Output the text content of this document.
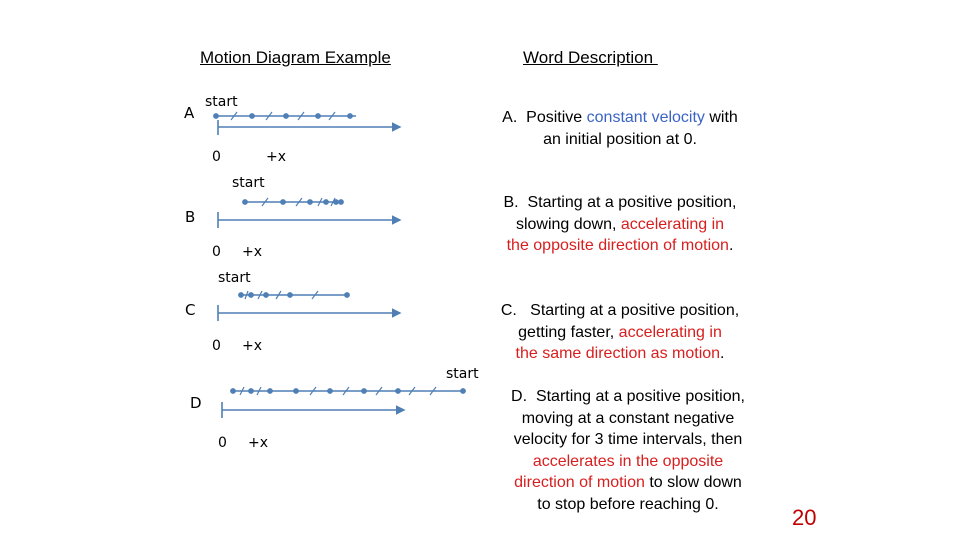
Motion Diagram Example	Word Description
A
B
C
D
start
start
start
start
0
0
0
0
+x
+x
+x
+x
A.  Positive constant velocity with
an initial position at 0.
B.  Starting at a positive position,
slowing down, accelerating in
the opposite direction of motion.
C.   Starting at a positive position,
getting faster, accelerating in
the same direction as motion.
D.  Starting at a positive position,
moving at a constant negative
velocity for 3 time intervals, then
accelerates in the opposite
direction of motion to slow down
to stop before reaching 0.
20
